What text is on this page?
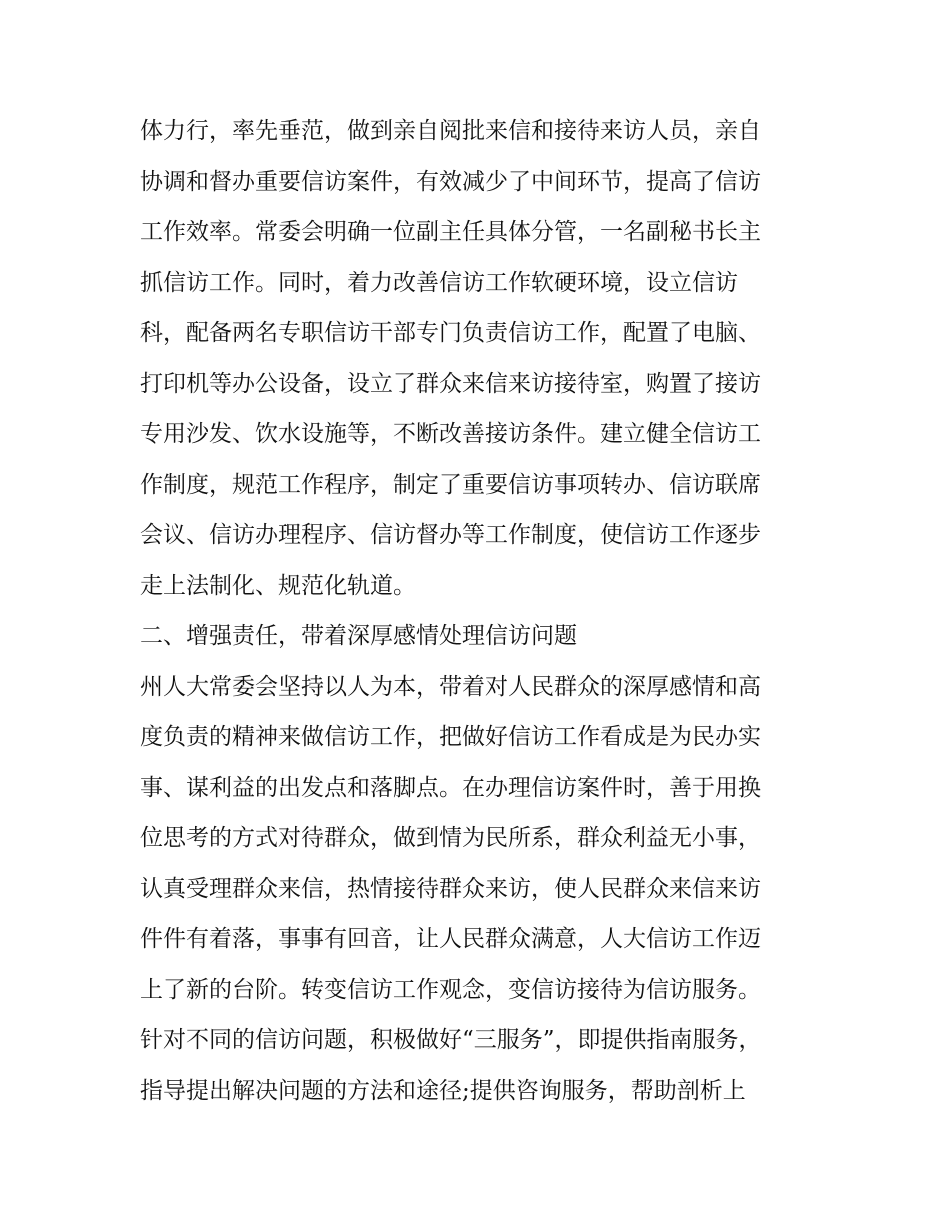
体力行，率先垂范，做到亲自阅批来信和接待来访人员，亲自
协调和督办重要信访案件，有效减少了中间环节，提高了信访
工作效率。常委会明确一位副主任具体分管，一名副秘书长主
抓信访工作。同时，着力改善信访工作软硬环境，设立信访
科，配备两名专职信访干部专门负责信访工作，配置了电脑、
打印机等办公设备，设立了群众来信来访接待室，购置了接访
专用沙发、饮水设施等，不断改善接访条件。建立健全信访工
作制度，规范工作程序，制定了重要信访事项转办、信访联席
会议、信访办理程序、信访督办等工作制度，使信访工作逐步
走上法制化、规范化轨道。
二、增强责任，带着深厚感情处理信访问题
州人大常委会坚持以人为本，带着对人民群众的深厚感情和高
度负责的精神来做信访工作，把做好信访工作看成是为民办实
事、谋利益的出发点和落脚点。在办理信访案件时，善于用换
位思考的方式对待群众，做到情为民所系，群众利益无小事，
认真受理群众来信，热情接待群众来访，使人民群众来信来访
件件有着落，事事有回音，让人民群众满意，人大信访工作迈
上了新的台阶。转变信访工作观念，变信访接待为信访服务。
针对不同的信访问题，积极做好“三服务”，即提供指南服务，
指导提出解决问题的方法和途径;提供咨询服务，帮助剖析上
